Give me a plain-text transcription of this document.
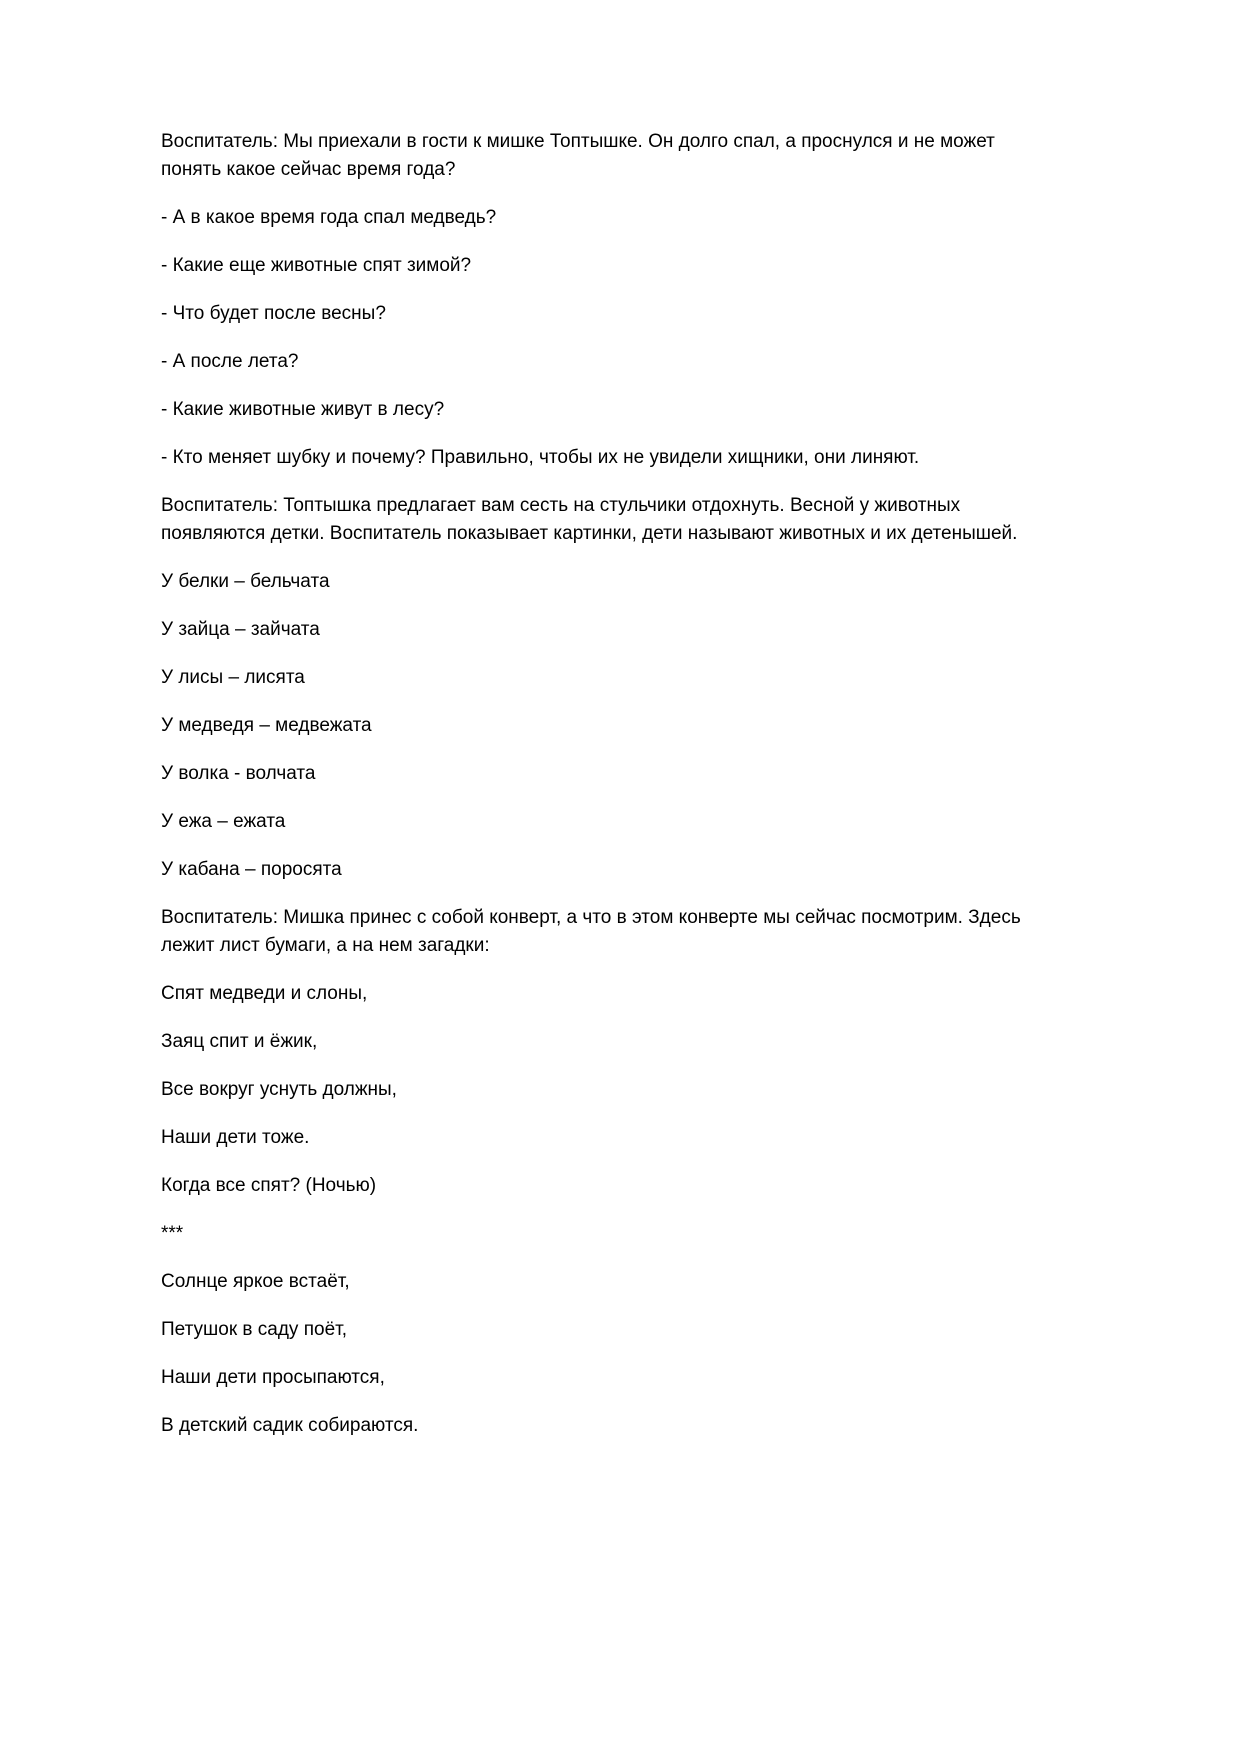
Воспитатель: Мы приехали в гости к мишке Топтышке. Он долго спал, а проснулся и не может понять какое сейчас время года?

- А в какое время года спал медведь?

- Какие еще животные спят зимой?

- Что будет после весны?

- А после лета?

- Какие животные живут в лесу?

- Кто меняет шубку и почему? Правильно, чтобы их не увидели хищники, они линяют.

Воспитатель: Топтышка предлагает вам сесть на стульчики отдохнуть. Весной у животных появляются детки. Воспитатель показывает картинки, дети называют животных и их детенышей.

У белки – бельчата

У зайца – зайчата

У лисы – лисята

У медведя – медвежата

У волка - волчата

У ежа – ежата

У кабана – поросята

Воспитатель: Мишка принес с собой конверт, а что в этом конверте мы сейчас посмотрим. Здесь лежит лист бумаги, а на нем загадки:

Спят медведи и слоны,

Заяц спит и ёжик,

Все вокруг уснуть должны,

Наши дети тоже.

Когда все спят? (Ночью)

***

Солнце яркое встаёт,

Петушок в саду поёт,

Наши дети просыпаются,

В детский садик собираются.
